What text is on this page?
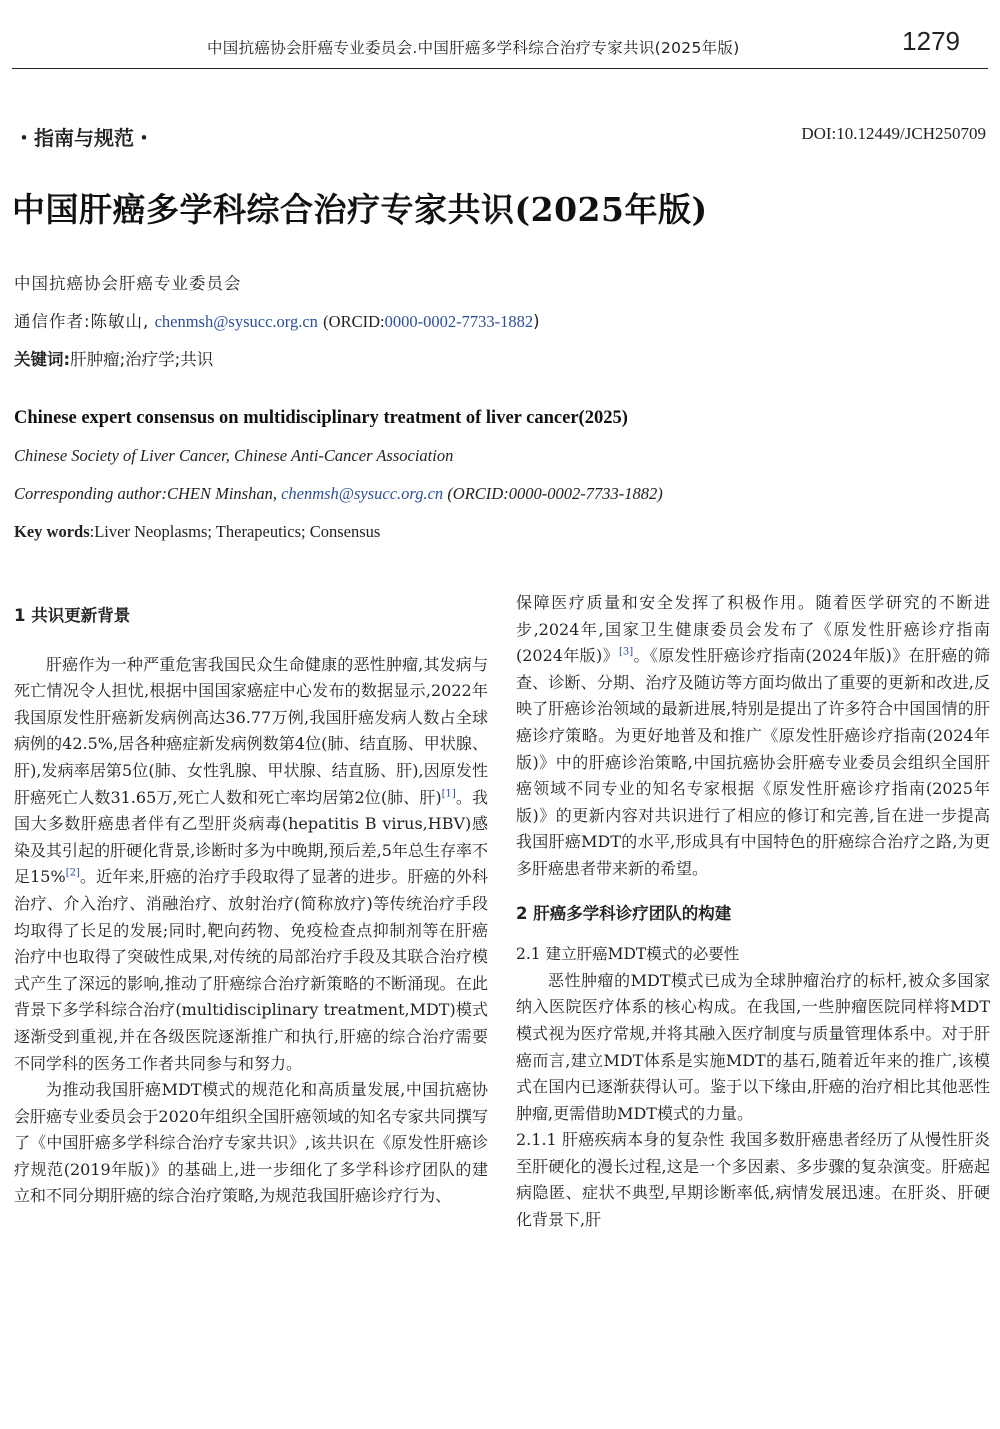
中国抗癌协会肝癌专业委员会.中国肝癌多学科综合治疗专家共识(2025年版)	1279
・指南与规范・	DOI:10.12449/JCH250709
中国肝癌多学科综合治疗专家共识(2025年版)
中国抗癌协会肝癌专业委员会
通信作者:陈敏山, chenmsh@sysucc.org.cn (ORCID:0000-0002-7733-1882)
关键词:肝肿瘤;治疗学;共识
Chinese expert consensus on multidisciplinary treatment of liver cancer(2025)
Chinese Society of Liver Cancer, Chinese Anti-Cancer Association
Corresponding author:CHEN Minshan, chenmsh@sysucc.org.cn (ORCID:0000-0002-7733-1882)
Key words:Liver Neoplasms; Therapeutics; Consensus

1 共识更新背景

肝癌作为一种严重危害我国民众生命健康的恶性肿瘤,其发病与死亡情况令人担忧,根据中国国家癌症中心发布的数据显示,2022年我国原发性肝癌新发病例高达36.77万例,我国肝癌发病人数占全球病例的42.5%,居各种癌症新发病例数第4位(肺、结直肠、甲状腺、肝),发病率居第5位(肺、女性乳腺、甲状腺、结直肠、肝),因原发性肝癌死亡人数31.65万,死亡人数和死亡率均居第2位(肺、肝)[1]。我国大多数肝癌患者伴有乙型肝炎病毒(hepatitis B virus,HBV)感染及其引起的肝硬化背景,诊断时多为中晚期,预后差,5年总生存率不足15%[2]。近年来,肝癌的治疗手段取得了显著的进步。肝癌的外科治疗、介入治疗、消融治疗、放射治疗(简称放疗)等传统治疗手段均取得了长足的发展;同时,靶向药物、免疫检查点抑制剂等在肝癌治疗中也取得了突破性成果,对传统的局部治疗手段及其联合治疗模式产生了深远的影响,推动了肝癌综合治疗新策略的不断涌现。在此背景下多学科综合治疗(multidisciplinary treatment,MDT)模式逐渐受到重视,并在各级医院逐渐推广和执行,肝癌的综合治疗需要不同学科的医务工作者共同参与和努力。

为推动我国肝癌MDT模式的规范化和高质量发展,中国抗癌协会肝癌专业委员会于2020年组织全国肝癌领域的知名专家共同撰写了《中国肝癌多学科综合治疗专家共识》,该共识在《原发性肝癌诊疗规范(2019年版)》的基础上,进一步细化了多学科诊疗团队的建立和不同分期肝癌的综合治疗策略,为规范我国肝癌诊疗行为、

保障医疗质量和安全发挥了积极作用。随着医学研究的不断进步,2024年,国家卫生健康委员会发布了《原发性肝癌诊疗指南(2024年版)》[3]。《原发性肝癌诊疗指南(2024年版)》在肝癌的筛查、诊断、分期、治疗及随访等方面均做出了重要的更新和改进,反映了肝癌诊治领域的最新进展,特别是提出了许多符合中国国情的肝癌诊疗策略。为更好地普及和推广《原发性肝癌诊疗指南(2024年版)》中的肝癌诊治策略,中国抗癌协会肝癌专业委员会组织全国肝癌领域不同专业的知名专家根据《原发性肝癌诊疗指南(2025年版)》的更新内容对共识进行了相应的修订和完善,旨在进一步提高我国肝癌MDT的水平,形成具有中国特色的肝癌综合治疗之路,为更多肝癌患者带来新的希望。

2 肝癌多学科诊疗团队的构建

2.1 建立肝癌MDT模式的必要性

恶性肿瘤的MDT模式已成为全球肿瘤治疗的标杆,被众多国家纳入医院医疗体系的核心构成。在我国,一些肿瘤医院同样将MDT模式视为医疗常规,并将其融入医疗制度与质量管理体系中。对于肝癌而言,建立MDT体系是实施MDT的基石,随着近年来的推广,该模式在国内已逐渐获得认可。鉴于以下缘由,肝癌的治疗相比其他恶性肿瘤,更需借助MDT模式的力量。

2.1.1 肝癌疾病本身的复杂性 我国多数肝癌患者经历了从慢性肝炎至肝硬化的漫长过程,这是一个多因素、多步骤的复杂演变。肝癌起病隐匿、症状不典型,早期诊断率低,病情发展迅速。在肝炎、肝硬化背景下,肝
